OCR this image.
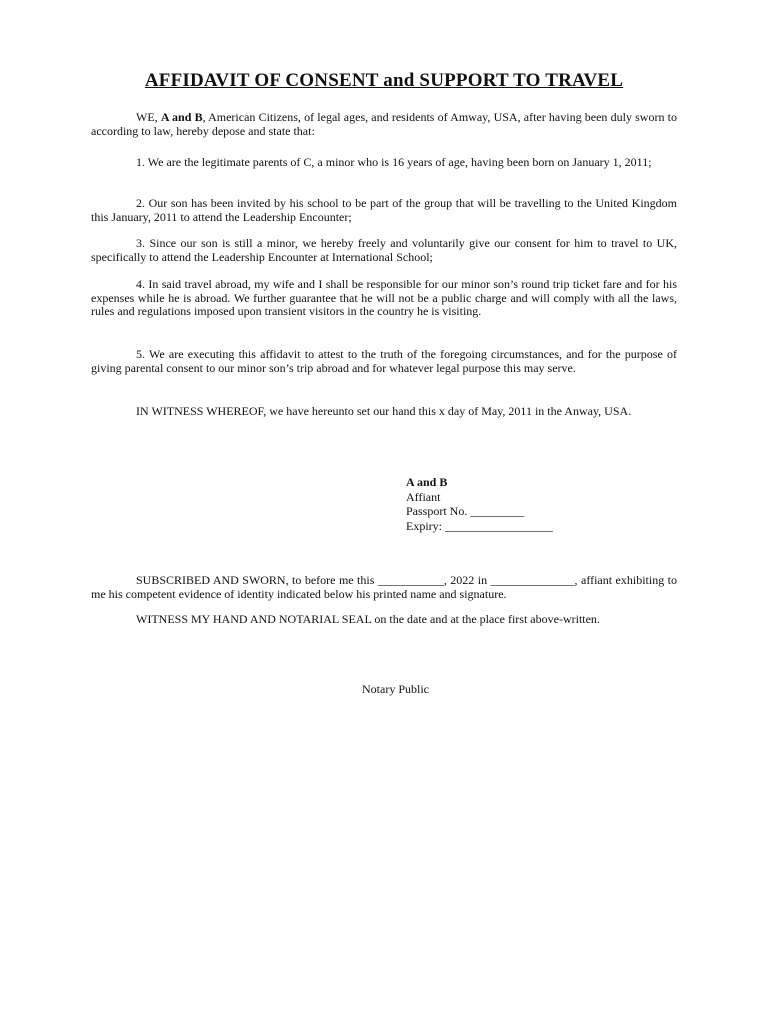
AFFIDAVIT OF CONSENT and SUPPORT TO TRAVEL

WE, A and B, American Citizens, of legal ages, and residents of Amway, USA, after having been duly sworn to according to law, hereby depose and state that:

1. We are the legitimate parents of C, a minor who is 16 years of age, having been born on January 1, 2011;

2. Our son has been invited by his school to be part of the group that will be travelling to the United Kingdom this January, 2011 to attend the Leadership Encounter;

3. Since our son is still a minor, we hereby freely and voluntarily give our consent for him to travel to UK, specifically to attend the Leadership Encounter at International School;

4. In said travel abroad, my wife and I shall be responsible for our minor son’s round trip ticket fare and for his expenses while he is abroad. We further guarantee that he will not be a public charge and will comply with all the laws, rules and regulations imposed upon transient visitors in the country he is visiting.

5. We are executing this affidavit to attest to the truth of the foregoing circumstances, and for the purpose of giving parental consent to our minor son’s trip abroad and for whatever legal purpose this may serve.

IN WITNESS WHEREOF, we have hereunto set our hand this x day of May, 2011 in the Anway, USA.

A and B
Affiant
Passport No. _________
Expiry: __________________

SUBSCRIBED AND SWORN, to before me this ___________, 2022 in ______________, affiant exhibiting to me his competent evidence of identity indicated below his printed name and signature.

WITNESS MY HAND AND NOTARIAL SEAL on the date and at the place first above-written.

Notary Public
